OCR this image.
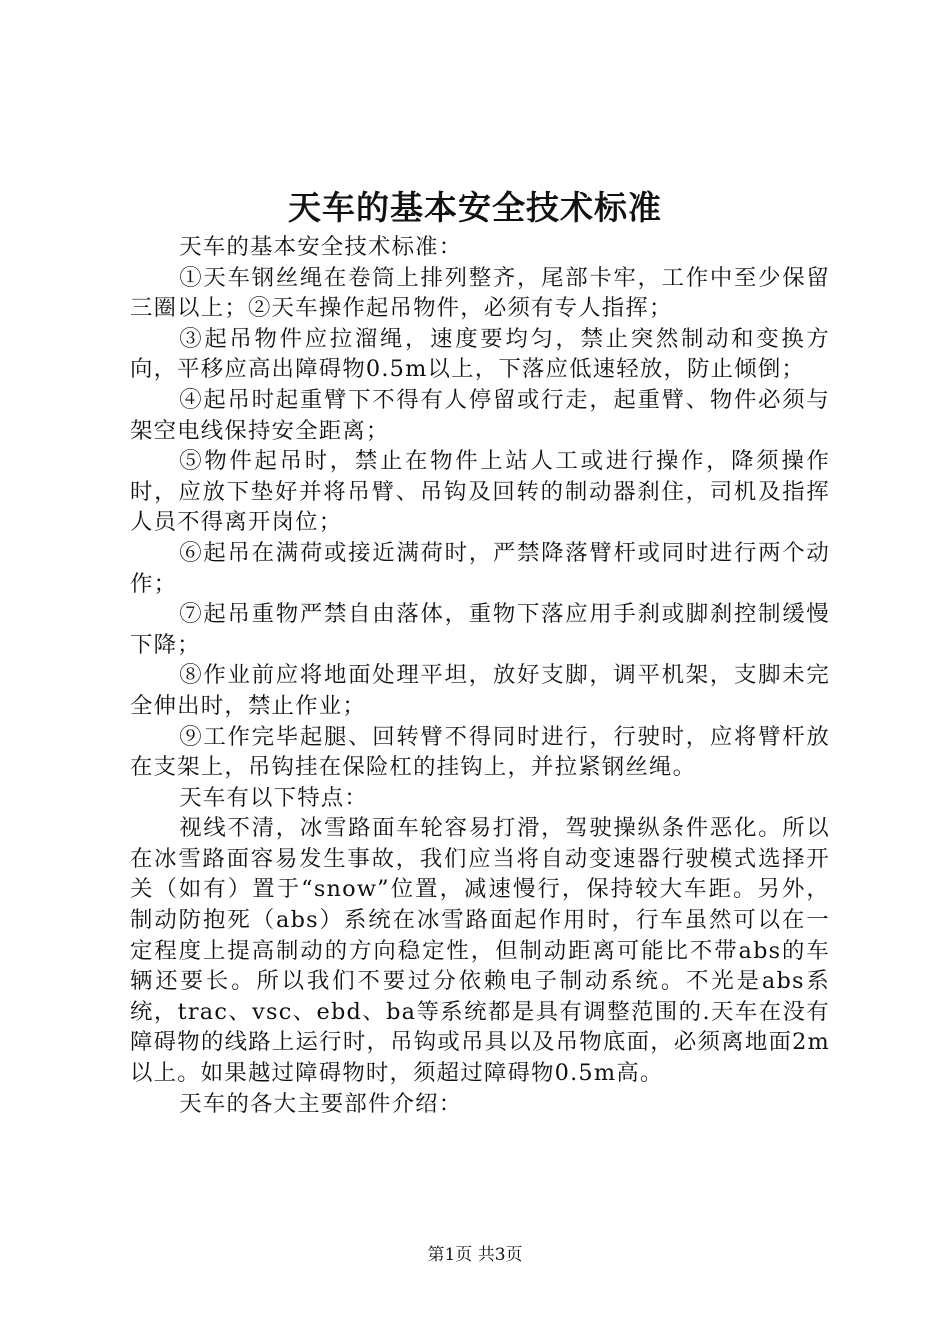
天车的基本安全技术标准

天车的基本安全技术标准：

①天车钢丝绳在卷筒上排列整齐，尾部卡牢，工作中至少保留三圈以上；②天车操作起吊物件，必须有专人指挥；

③起吊物件应拉溜绳，速度要均匀，禁止突然制动和变换方向，平移应高出障碍物0.5m以上，下落应低速轻放，防止倾倒；

④起吊时起重臂下不得有人停留或行走，起重臂、物件必须与架空电线保持安全距离；

⑤物件起吊时，禁止在物件上站人工或进行操作，降须操作时，应放下垫好并将吊臂、吊钩及回转的制动器刹住，司机及指挥人员不得离开岗位；

⑥起吊在满荷或接近满荷时，严禁降落臂杆或同时进行两个动作；

⑦起吊重物严禁自由落体，重物下落应用手刹或脚刹控制缓慢下降；

⑧作业前应将地面处理平坦，放好支脚，调平机架，支脚未完全伸出时，禁止作业；

⑨工作完毕起腿、回转臂不得同时进行，行驶时，应将臂杆放在支架上，吊钩挂在保险杠的挂钩上，并拉紧钢丝绳。

天车有以下特点：

视线不清，冰雪路面车轮容易打滑，驾驶操纵条件恶化。所以在冰雪路面容易发生事故，我们应当将自动变速器行驶模式选择开关（如有）置于“snow”位置，减速慢行，保持较大车距。另外，制动防抱死（abs）系统在冰雪路面起作用时，行车虽然可以在一定程度上提高制动的方向稳定性，但制动距离可能比不带abs的车辆还要长。所以我们不要过分依赖电子制动系统。不光是abs系统，trac、vsc、ebd、ba等系统都是具有调整范围的.天车在没有障碍物的线路上运行时，吊钩或吊具以及吊物底面，必须离地面2m以上。如果越过障碍物时，须超过障碍物0.5m高。

天车的各大主要部件介绍：

第1页 共3页
